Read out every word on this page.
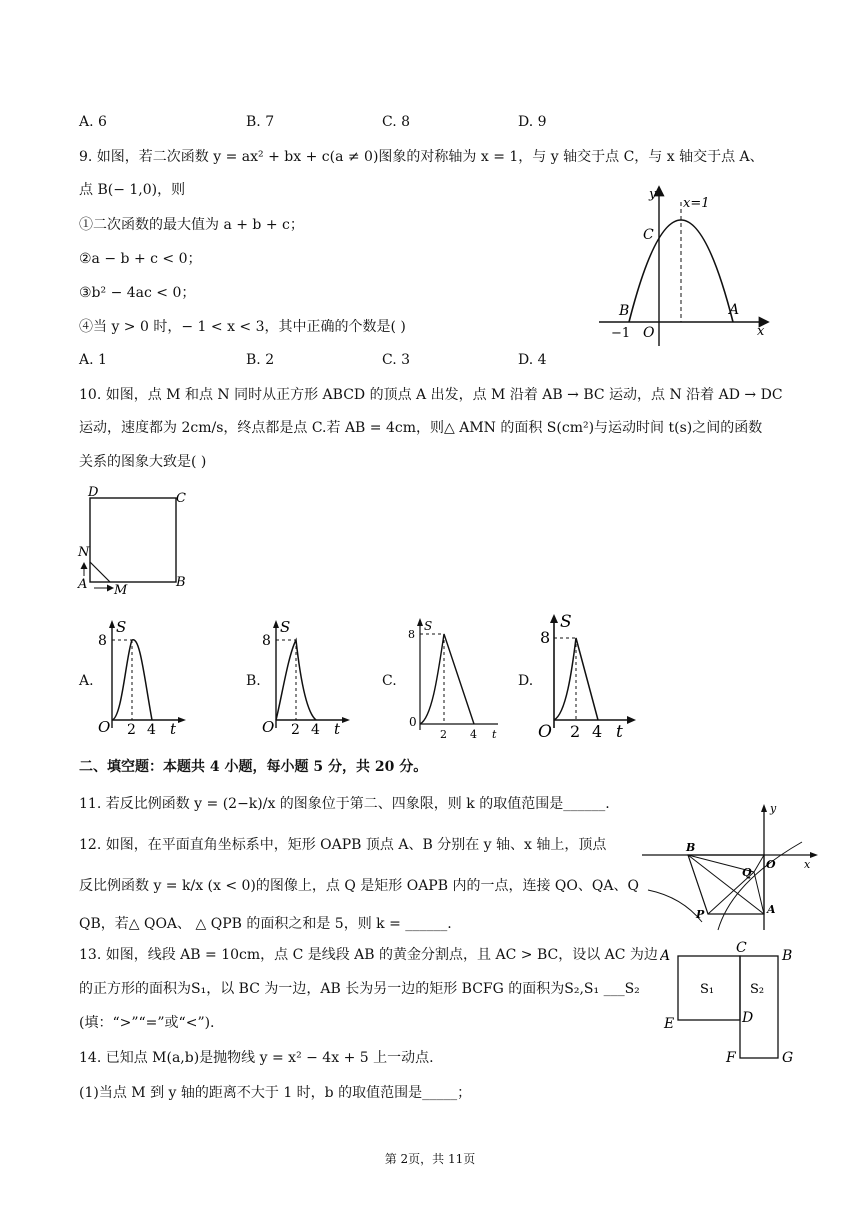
A. 6	B. 7	C. 8	D. 9
9. 如图，若二次函数 y = ax² + bx + c(a ≠ 0)图象的对称轴为 x = 1，与 y 轴交于点 C，与 x 轴交于点 A、
点 B(− 1,0)，则
①二次函数的最大值为 a + b + c；
②a − b + c < 0；
③b² − 4ac < 0；
④当 y > 0 时，− 1 < x < 3，其中正确的个数是( )
A. 1	B. 2	C. 3	D. 4
y
x
x=1
C
B	A
O
−1
10. 如图，点 M 和点 N 同时从正方形 ABCD 的顶点 A 出发，点 M 沿着 AB → BC 运动，点 N 沿着 AD → DC
运动，速度都为 2cm/s，终点都是点 C.若 AB = 4cm，则△ AMN 的面积 S(cm²)与运动时间 t(s)之间的函数
关系的图象大致是( )
D	C
N
A M
B
A.
S
8
O 2 4 t
B.
S
8
O 2 4 t
C.
S
8
0
2 4 t
D.
S
8
O 2 4 t
二、填空题：本题共 4 小题，每小题 5 分，共 20 分。
11. 若反比例函数 y = (2−k)/x 的图象位于第二、四象限，则 k 的取值范围是______.
12. 如图，在平面直角坐标系中，矩形 OAPB 顶点 A、B 分别在 y 轴、x 轴上，顶点
反比例函数 y = k/x (x < 0)的图像上，点 Q 是矩形 OAPB 内的一点，连接 QO、QA、Q
QB，若△ QOA、 △ QPB 的面积之和是 5，则 k = ______.
y
x
B
O
Q
P	A
13. 如图，线段 AB = 10cm，点 C 是线段 AB 的黄金分割点，且 AC > BC，设以 AC 为边
的正方形的面积为S₁，以 BC 为一边，AB 长为另一边的矩形 BCFG 的面积为S₂,S₁ ___S₂
(填：“>”“=”或“<”).
A	C	B
S₁	S₂
E	D
F	G
14. 已知点 M(a,b)是抛物线 y = x² − 4x + 5 上一动点.
(1)当点 M 到 y 轴的距离不大于 1 时，b 的取值范围是_____；
第 2页，共 11页
